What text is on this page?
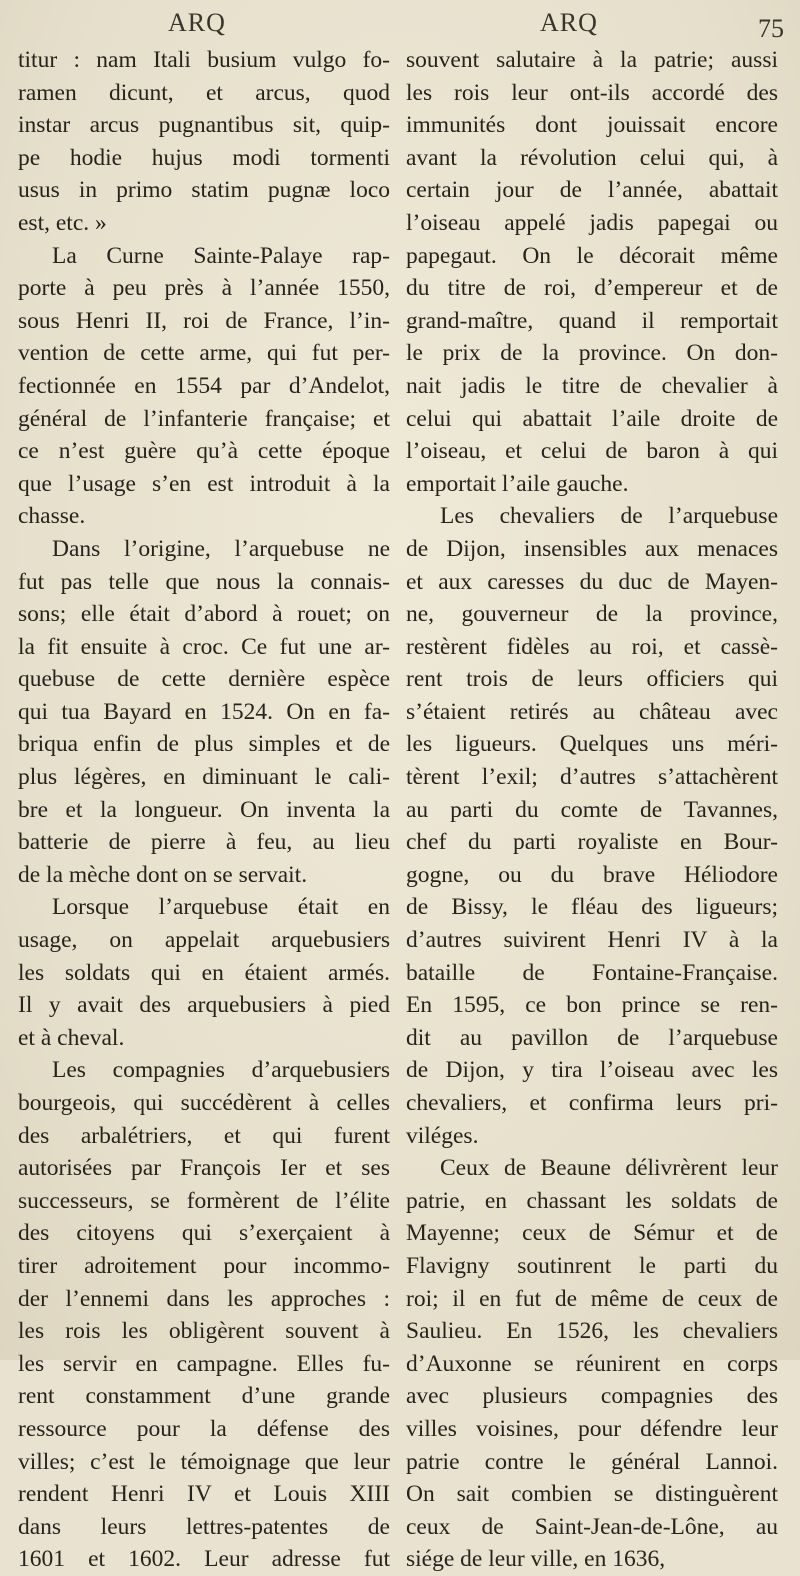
ARQ	ARQ	75
titur : nam Itali busium vulgo fo-
ramen dicunt, et arcus, quod
instar arcus pugnantibus sit, quip-
pe hodie hujus modi tormenti
usus in primo statim pugnæ loco
est, etc. »
La Curne Sainte-Palaye rap-
porte à peu près à l’année 1550,
sous Henri II, roi de France, l’in-
vention de cette arme, qui fut per-
fectionnée en 1554 par d’Andelot,
général de l’infanterie française; et
ce n’est guère qu’à cette époque
que l’usage s’en est introduit à la
chasse.
Dans l’origine, l’arquebuse ne
fut pas telle que nous la connais-
sons; elle était d’abord à rouet; on
la fit ensuite à croc. Ce fut une ar-
quebuse de cette dernière espèce
qui tua Bayard en 1524. On en fa-
briqua enfin de plus simples et de
plus légères, en diminuant le cali-
bre et la longueur. On inventa la
batterie de pierre à feu, au lieu
de la mèche dont on se servait.
Lorsque l’arquebuse était en
usage, on appelait arquebusiers
les soldats qui en étaient armés.
Il y avait des arquebusiers à pied
et à cheval.
Les compagnies d’arquebusiers
bourgeois, qui succédèrent à celles
des arbalétriers, et qui furent
autorisées par François Ier et ses
successeurs, se formèrent de l’élite
des citoyens qui s’exerçaient à
tirer adroitement pour incommo-
der l’ennemi dans les approches :
les rois les obligèrent souvent à
les servir en campagne. Elles fu-
rent constamment d’une grande
ressource pour la défense des
villes; c’est le témoignage que leur
rendent Henri IV et Louis XIII
dans leurs lettres-patentes de
1601 et 1602. Leur adresse fut
souvent salutaire à la patrie; aussi
les rois leur ont-ils accordé des
immunités dont jouissait encore
avant la révolution celui qui, à
certain jour de l’année, abattait
l’oiseau appelé jadis papegai ou
papegaut. On le décorait même
du titre de roi, d’empereur et de
grand-maître, quand il remportait
le prix de la province. On don-
nait jadis le titre de chevalier à
celui qui abattait l’aile droite de
l’oiseau, et celui de baron à qui
emportait l’aile gauche.
Les chevaliers de l’arquebuse
de Dijon, insensibles aux menaces
et aux caresses du duc de Mayen-
ne, gouverneur de la province,
restèrent fidèles au roi, et cassè-
rent trois de leurs officiers qui
s’étaient retirés au château avec
les ligueurs. Quelques uns méri-
tèrent l’exil; d’autres s’attachèrent
au parti du comte de Tavannes,
chef du parti royaliste en Bour-
gogne, ou du brave Héliodore
de Bissy, le fléau des ligueurs;
d’autres suivirent Henri IV à la
bataille de Fontaine-Française.
En 1595, ce bon prince se ren-
dit au pavillon de l’arquebuse
de Dijon, y tira l’oiseau avec les
chevaliers, et confirma leurs pri-
viléges.
Ceux de Beaune délivrèrent leur
patrie, en chassant les soldats de
Mayenne; ceux de Sémur et de
Flavigny soutinrent le parti du
roi; il en fut de même de ceux de
Saulieu. En 1526, les chevaliers
d’Auxonne se réunirent en corps
avec plusieurs compagnies des
villes voisines, pour défendre leur
patrie contre le général Lannoi.
On sait combien se distinguèrent
ceux de Saint-Jean-de-Lône, au
siége de leur ville, en 1636,
